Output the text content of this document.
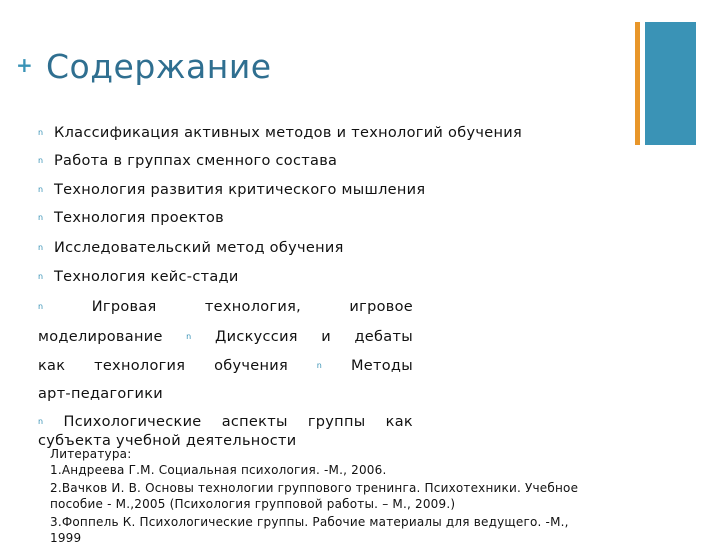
+ Содержание
n Классификация активных методов и технологий обучения
n Работа в группах сменного состава
n Технология развития критического мышления
n Технология проектов
n Исследовательский метод обучения
n Технология кейс-стади
n	Игровая	технология,	игровое
моделирование	n Дискуссия и дебаты
как технология обучения	n Методы
арт-педагогики
n Психологические аспекты группы как
субъекта учебной деятельности
Литература:
1.Андреева Г.М. Социальная психология. -М., 2006.
2.Вачков И. В. Основы технологии группового тренинга. Психотехники. Учебное
пособие - М.,2005 (Психология групповой работы. – М., 2009.)
3.Фоппель К. Психологические группы. Рабочие материалы для ведущего. -М.,
1999
